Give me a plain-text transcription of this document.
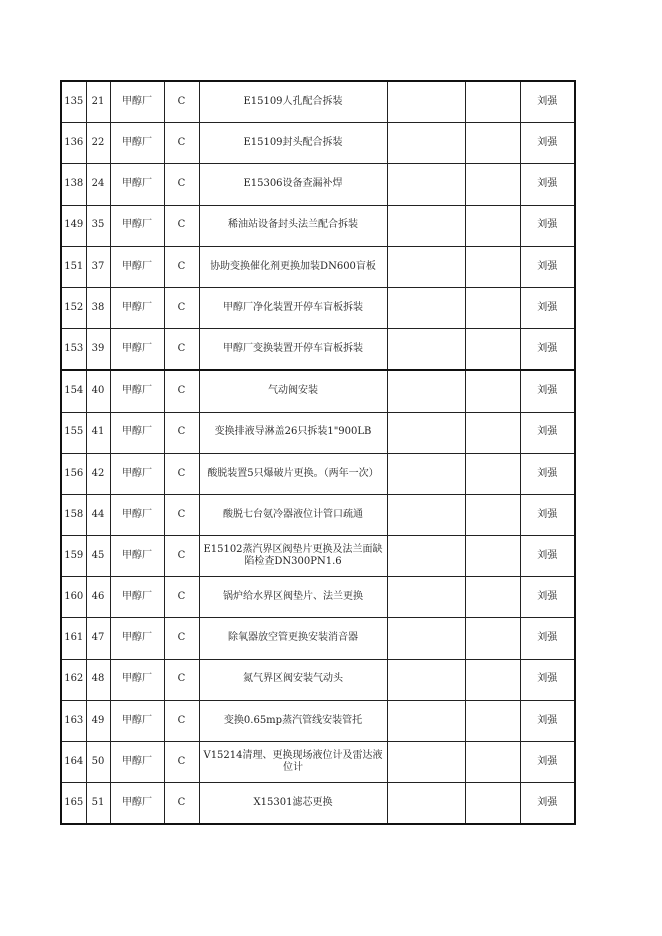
135	21	甲醇厂	C	E15109人孔配合拆装			刘强
136	22	甲醇厂	C	E15109封头配合拆装			刘强
138	24	甲醇厂	C	E15306设备查漏补焊			刘强
149	35	甲醇厂	C	稀油站设备封头法兰配合拆装			刘强
151	37	甲醇厂	C	协助变换催化剂更换加装DN600盲板			刘强
152	38	甲醇厂	C	甲醇厂净化装置开停车盲板拆装			刘强
153	39	甲醇厂	C	甲醇厂变换装置开停车盲板拆装			刘强
154	40	甲醇厂	C	气动阀安装			刘强
155	41	甲醇厂	C	变换排液导淋盖26只拆装1"900LB			刘强
156	42	甲醇厂	C	酸脱装置5只爆破片更换。（两年一次）			刘强
158	44	甲醇厂	C	酸脱七台氨冷器液位计管口疏通			刘强
159	45	甲醇厂	C	E15102蒸汽界区阀垫片更换及法兰面缺陷检查DN300PN1.6			刘强
160	46	甲醇厂	C	锅炉给水界区阀垫片、法兰更换			刘强
161	47	甲醇厂	C	除氧器放空管更换安装消音器			刘强
162	48	甲醇厂	C	氮气界区阀安装气动头			刘强
163	49	甲醇厂	C	变换0.65mp蒸汽管线安装管托			刘强
164	50	甲醇厂	C	V15214清理、更换现场液位计及雷达液位计			刘强
165	51	甲醇厂	C	X15301滤芯更换			刘强
